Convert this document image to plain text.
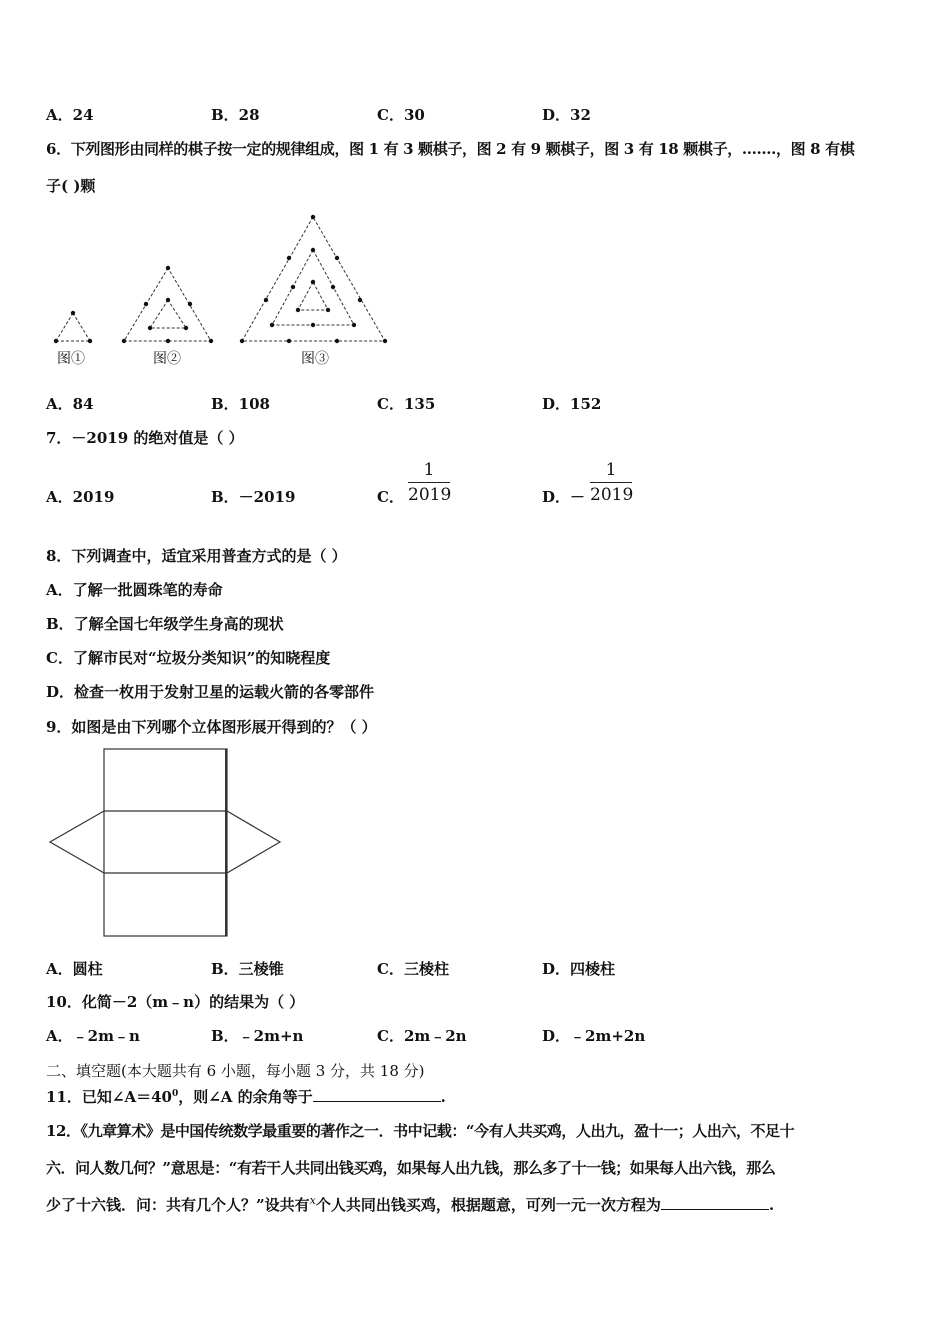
A．24	B．28	C．30	D．32
6．下列图形由同样的棋子按一定的规律组成，图 1 有 3 颗棋子，图 2 有 9 颗棋子，图 3 有 18 颗棋子，.......，图 8 有棋
子( )颗
图①	图②	图③
A．84	B．108	C．135	D．152
7．－2019 的绝对值是（ ）
A．2019	B．－2019	C．
1
2019	D．－
1
2019
8．下列调查中，适宜采用普查方式的是（ ）
A．了解一批圆珠笔的寿命
B．了解全国七年级学生身高的现状
C．了解市民对“垃圾分类知识”的知晓程度
D．检查一枚用于发射卫星的运载火箭的各零部件
9．如图是由下列哪个立体图形展开得到的？（ ）
A．圆柱	B．三棱锥	C．三棱柱	D．四棱柱
10．化简－2（m﹣n）的结果为（ ）
A．﹣2m﹣n	B．﹣2m+n	C．2m﹣2n	D．﹣2m+2n
二、填空题(本大题共有 6 小题，每小题 3 分，共 18 分)
11．已知$\angle A=40^0$，则∠A 的余角等于	.
12．《九章算术》是中国传统数学最重要的著作之一．书中记载：“今有人共买鸡，人出九，盈十一；人出六，不足十
六．问人数几何？”意思是：“有若干人共同出钱买鸡，如果每人出九钱，那么多了十一钱；如果每人出六钱，那么
少了十六钱．问：共有几个人？”设共有$^x$个人共同出钱买鸡，根据题意，可列一元一次方程为	.
